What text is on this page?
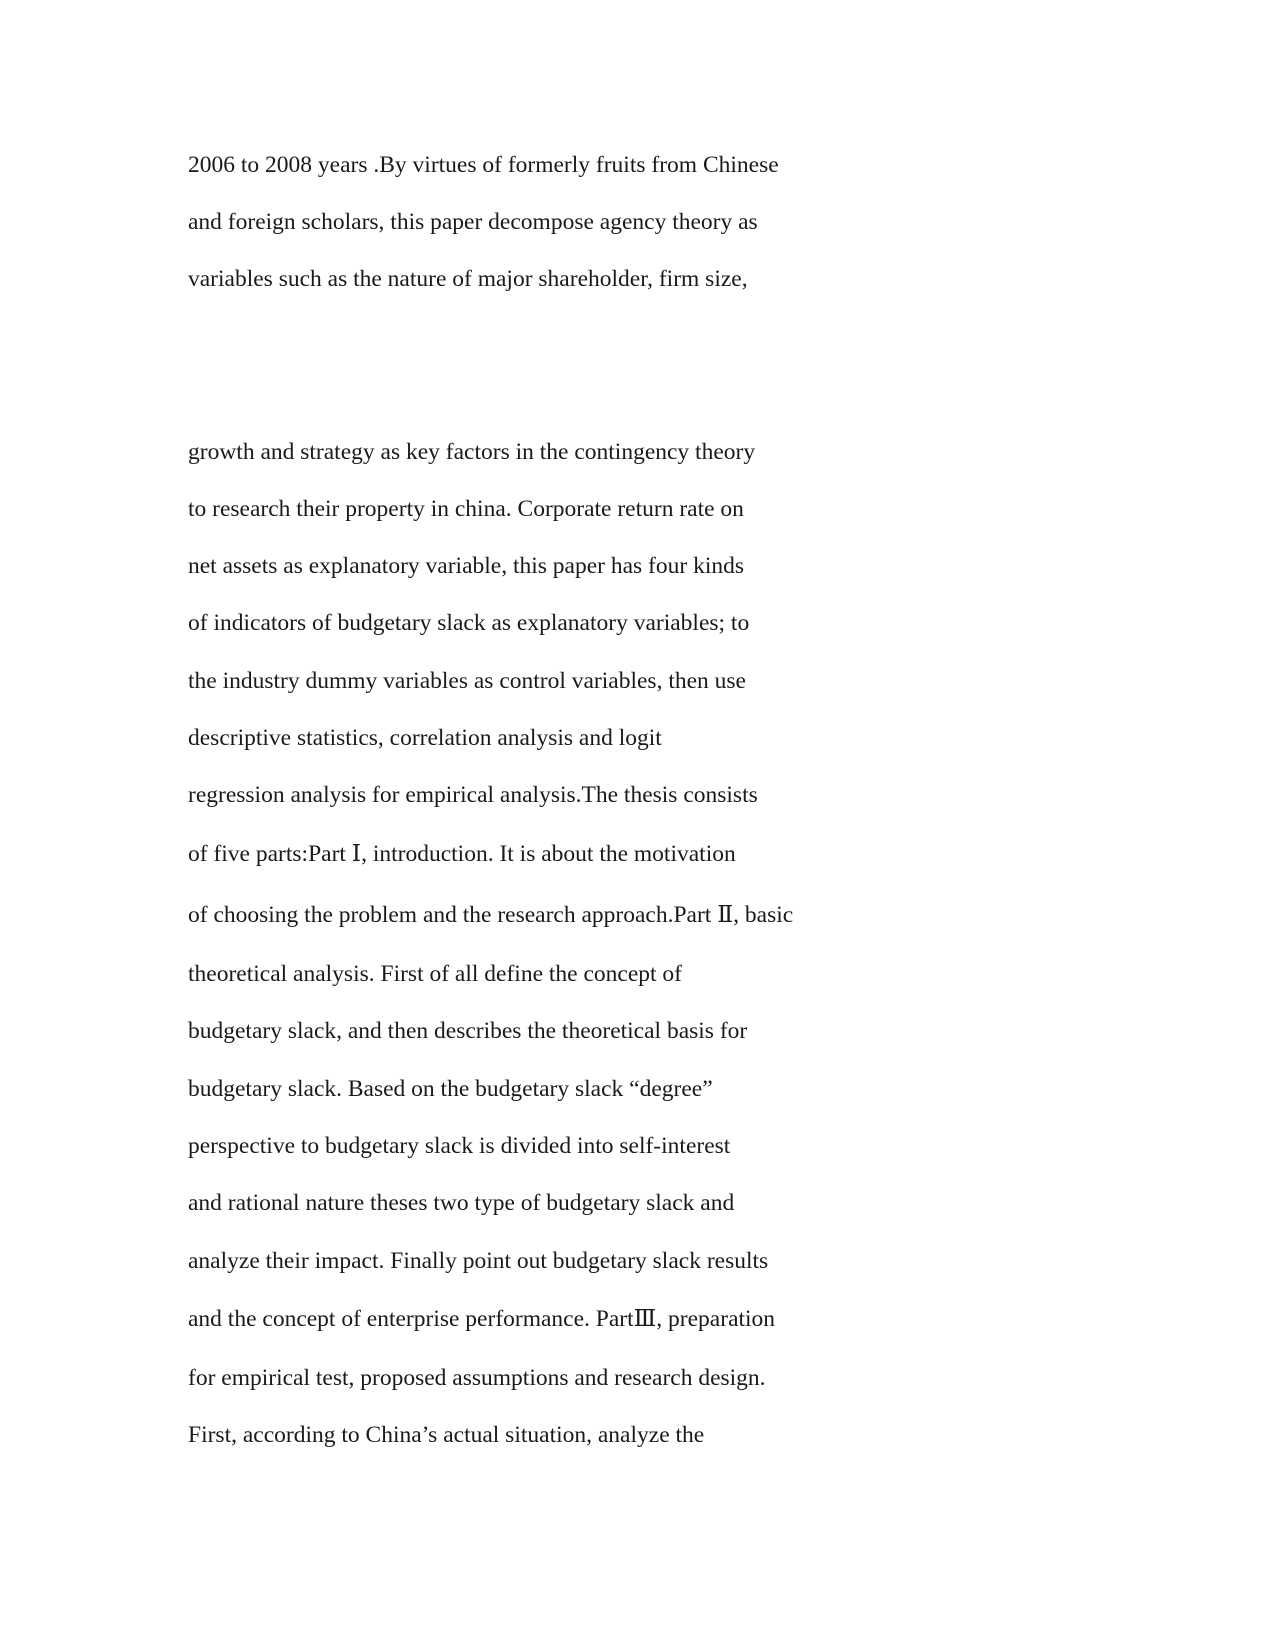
2006 to 2008 years .By virtues of formerly fruits from Chinese

and foreign scholars, this paper decompose agency theory as

variables such as the nature of major shareholder, firm size,

growth and strategy as key factors in the contingency theory

to research their property in china. Corporate return rate on

net assets as explanatory variable, this paper has four kinds

of indicators of budgetary slack as explanatory variables; to

the industry dummy variables as control variables, then use

descriptive statistics, correlation analysis and logit

regression analysis for empirical analysis.The thesis consists

of five parts:Part Ⅰ, introduction. It is about the motivation

of choosing the problem and the research approach.Part Ⅱ, basic

theoretical analysis. First of all define the concept of

budgetary slack, and then describes the theoretical basis for

budgetary slack. Based on the budgetary slack “degree”

perspective to budgetary slack is divided into self-interest

and rational nature theses two type of budgetary slack and

analyze their impact. Finally point out budgetary slack results

and the concept of enterprise performance. PartⅢ, preparation

for empirical test, proposed assumptions and research design.

First, according to China’s actual situation, analyze the
